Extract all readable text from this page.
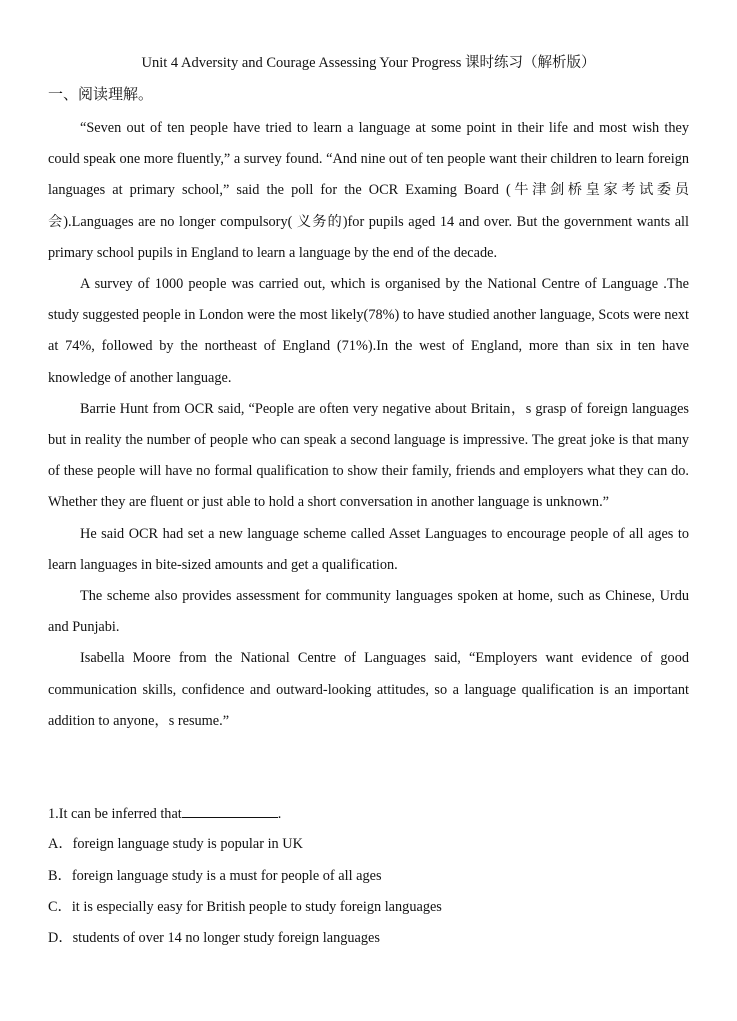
Unit 4 Adversity and Courage Assessing Your Progress 课时练习（解析版）
一、阅读理解。

“Seven out of ten people have tried to learn a language at some point in their life and most wish they could speak one more fluently,” a survey found. “And nine out of ten people want their children to learn foreign languages at primary school,” said the poll for the OCR Examing Board (牛津剑桥皇家考试委员会).Languages are no longer compulsory( 义务的)for pupils aged 14 and over. But the government wants all primary school pupils in England to learn a language by the end of the decade.

A survey of 1000 people was carried out, which is organised by the National Centre of Language .The study suggested people in London were the most likely(78%) to have studied another language, Scots were next at 74%, followed by the northeast of England (71%).In the west of England, more than six in ten have knowledge of another language.

Barrie Hunt from OCR said, “People are often very negative about Britain，s grasp of foreign languages but in reality the number of people who can speak a second language is impressive. The great joke is that many of these people will have no formal qualification to show their family, friends and employers what they can do. Whether they are fluent or just able to hold a short conversation in another language is unknown.”

He said OCR had set a new language scheme called Asset Languages to encourage people of all ages to learn languages in bite-sized amounts and get a qualification.

The scheme also provides assessment for community languages spoken at home, such as Chinese, Urdu and Punjabi.

Isabella Moore from the National Centre of Languages said, “Employers want evidence of good communication skills, confidence and outward-looking attitudes, so a language qualification is an important addition to anyone，s resume.”

1.It can be inferred that	.
A．foreign language study is popular in UK
B．foreign language study is a must for people of all ages
C．it is especially easy for British people to study foreign languages
D．students of over 14 no longer study foreign languages
